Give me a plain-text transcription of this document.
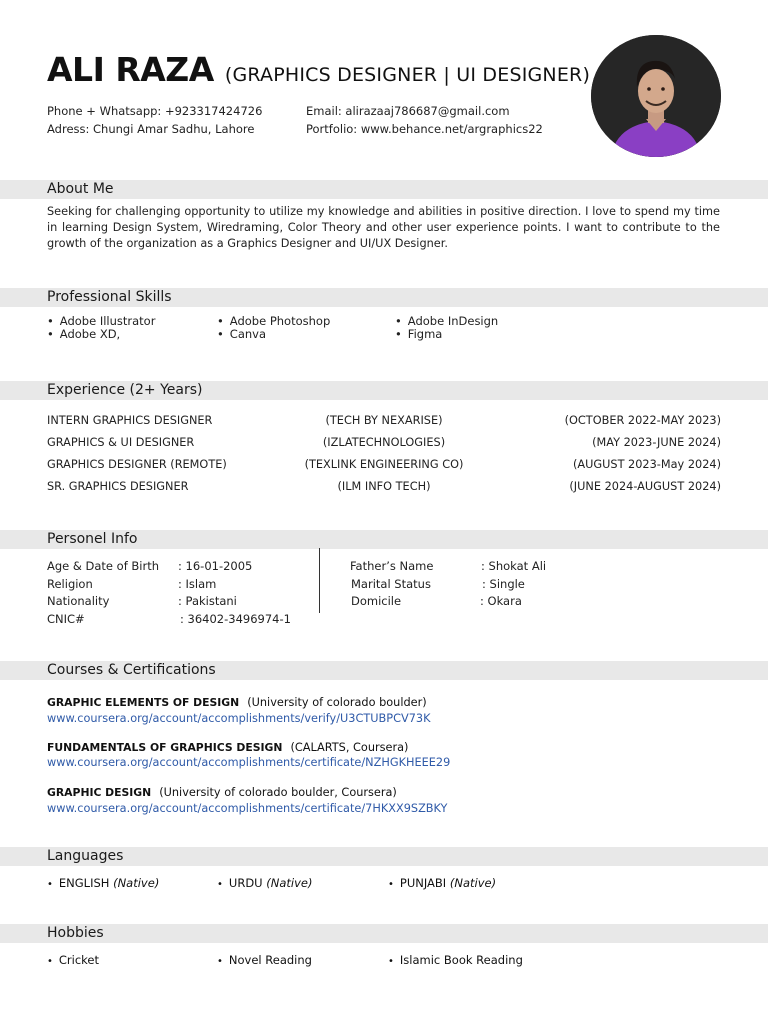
ALI RAZA (GRAPHICS DESIGNER | UI DESIGNER)
Phone + Whatsapp: +923317424726
Adress: Chungi Amar Sadhu, Lahore
Email: alirazaaj786687@gmail.com
Portfolio: www.behance.net/argraphics22
About Me
Seeking for challenging opportunity to utilize my knowledge and abilities in positive direction. I love to spend my time in learning Design System, Wiredraming, Color Theory and other user experience points. I want to contribute to the growth of the organization as a Graphics Designer and UI/UX Designer.
Professional Skills
• Adobe Illustrator
• Adobe XD,
• Adobe Photoshop
• Canva
• Adobe InDesign
• Figma
Experience (2+ Years)
INTERN GRAPHICS DESIGNER	(TECH BY NEXARISE)	(OCTOBER 2022-MAY 2023)
GRAPHICS & UI DESIGNER	(IZLATECHNOLOGIES)	(MAY 2023-JUNE 2024)
GRAPHICS DESIGNER (REMOTE)	(TEXLINK ENGINEERING CO)	(AUGUST 2023-May 2024)
SR. GRAPHICS DESIGNER	(ILM INFO TECH)	(JUNE 2024-AUGUST 2024)
Personel Info
Age & Date of Birth : 16-01-2005
Religion	: Islam
Nationality	: Pakistani
CNIC#	: 36402-3496974-1
Father’s Name	: Shokat Ali
Marital Status	: Single
Domicile	: Okara
Courses & Certifications
GRAPHIC ELEMENTS OF DESIGN (University of colorado boulder)
www.coursera.org/account/accomplishments/verify/U3CTUBPCV73K
FUNDAMENTALS OF GRAPHICS DESIGN (CALARTS, Coursera)
www.coursera.org/account/accomplishments/certificate/NZHGKHEEE29
GRAPHIC DESIGN (University of colorado boulder, Coursera)
www.coursera.org/account/accomplishments/certificate/7HKXX9SZBKY
Languages
• ENGLISH (Native)	• URDU (Native)	• PUNJABI (Native)
Hobbies
• Cricket	• Novel Reading	• Islamic Book Reading
